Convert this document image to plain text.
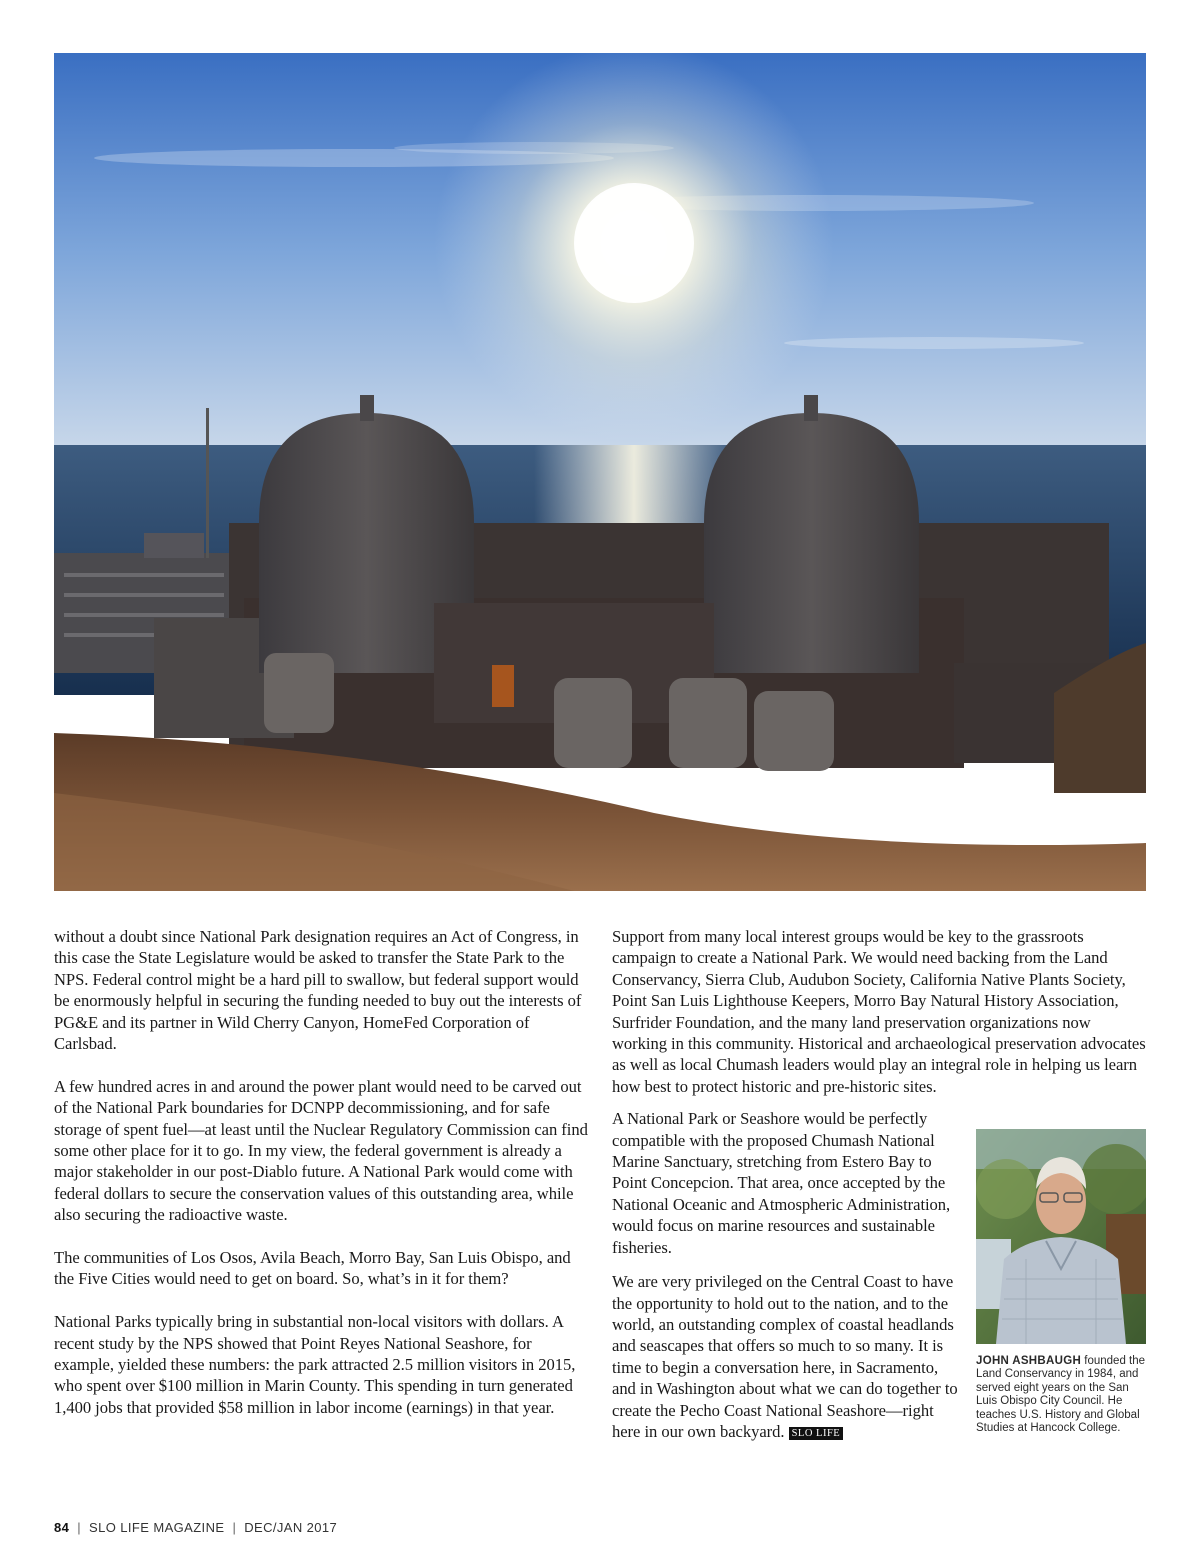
without a doubt since National Park designation requires an Act of Congress, in this case the State Legislature would be asked to transfer the State Park to the NPS. Federal control might be a hard pill to swallow, but federal support would be enormously helpful in securing the funding needed to buy out the interests of PG&E and its partner in Wild Cherry Canyon, HomeFed Corporation of Carlsbad.

A few hundred acres in and around the power plant would need to be carved out of the National Park boundaries for DCNPP decommissioning, and for safe storage of spent fuel—at least until the Nuclear Regulatory Commission can find some other place for it to go. In my view, the federal government is already a major stakeholder in our post-Diablo future. A National Park would come with federal dollars to secure the conservation values of this outstanding area, while also securing the radioactive waste.

The communities of Los Osos, Avila Beach, Morro Bay, San Luis Obispo, and the Five Cities would need to get on board. So, what’s in it for them?

National Parks typically bring in substantial non-local visitors with dollars. A recent study by the NPS showed that Point Reyes National Seashore, for example, yielded these numbers: the park attracted 2.5 million visitors in 2015, who spent over $100 million in Marin County. This spending in turn generated 1,400 jobs that provided $58 million in labor income (earnings) in that year.

Support from many local interest groups would be key to the grassroots campaign to create a National Park. We would need backing from the Land Conservancy, Sierra Club, Audubon Society, California Native Plants Society, Point San Luis Lighthouse Keepers, Morro Bay Natural History Association, Surfrider Foundation, and the many land preservation organizations now working in this community. Historical and archaeological preservation advocates as well as local Chumash leaders would play an integral role in helping us learn how best to protect historic and pre-historic sites.

A National Park or Seashore would be perfectly compatible with the proposed Chumash National Marine Sanctuary, stretching from Estero Bay to Point Concepcion. That area, once accepted by the National Oceanic and Atmospheric Administration, would focus on marine resources and sustainable fisheries.

We are very privileged on the Central Coast to have the opportunity to hold out to the nation, and to the world, an outstanding complex of coastal headlands and seascapes that offers so much to so many. It is time to begin a conversation here, in Sacramento, and in Washington about what we can do together to create the Pecho Coast National Seashore—right here in our own backyard. SLO LIFE

JOHN ASHBAUGH founded the Land Conservancy in 1984, and served eight years on the San Luis Obispo City Council. He teaches U.S. History and Global Studies at Hancock College.
84 | SLO LIFE MAGAZINE | DEC/JAN 2017
